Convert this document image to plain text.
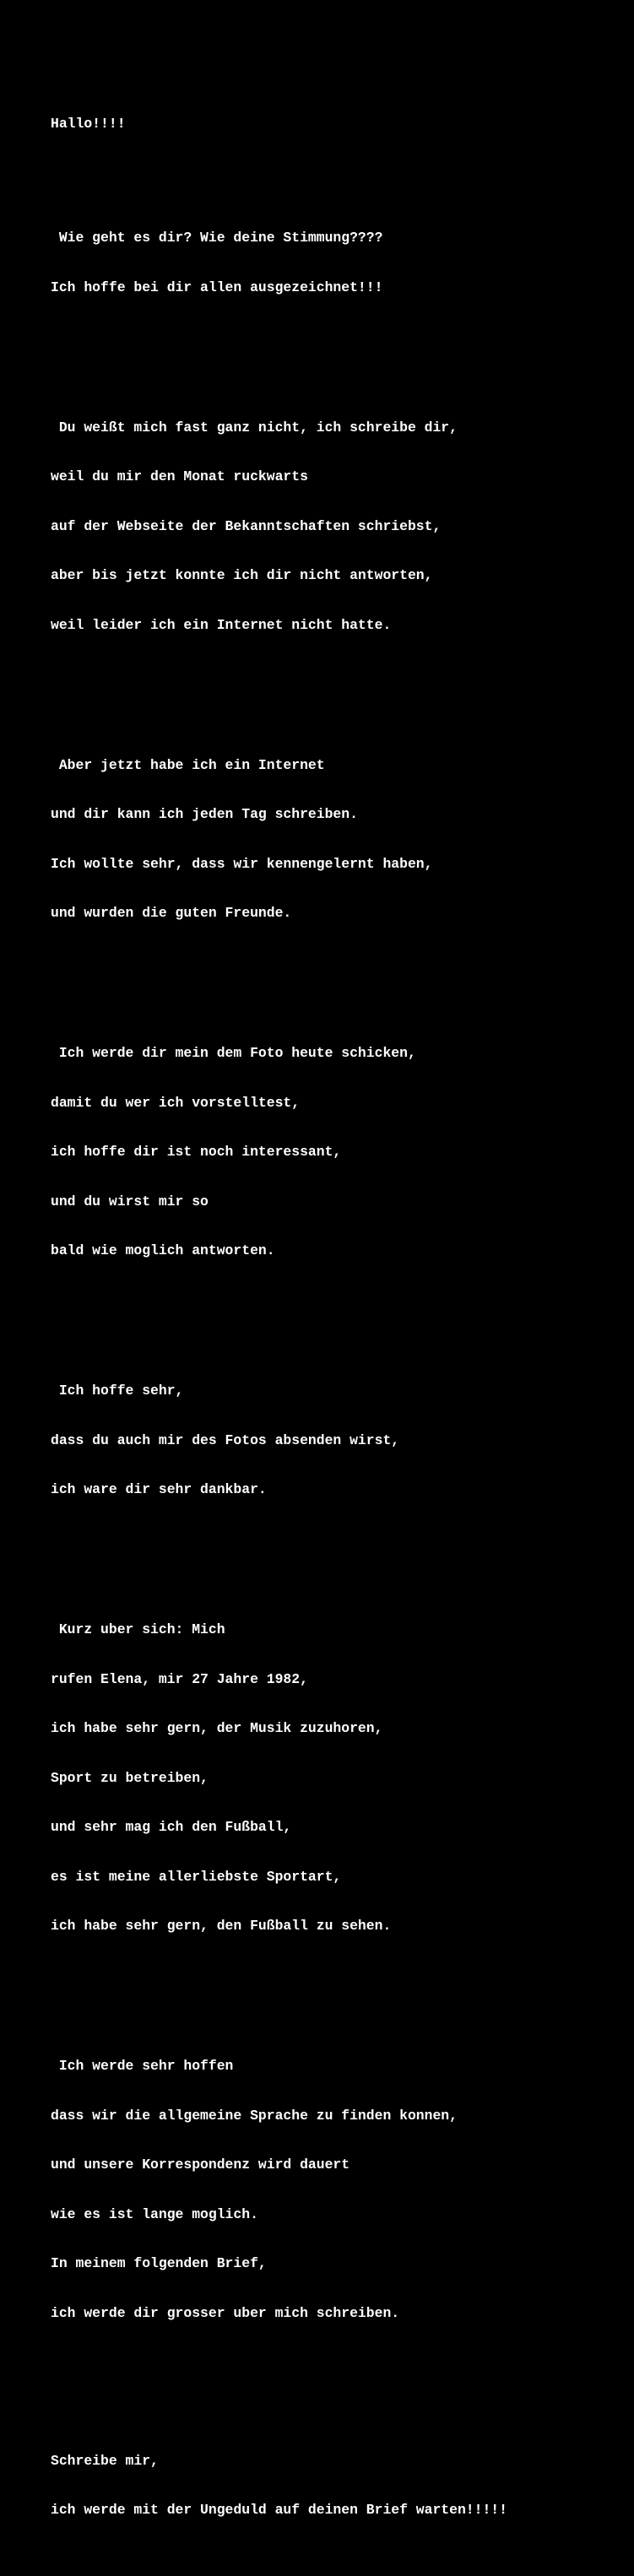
Hallo!!!!

Wie geht es dir? Wie deine Stimmung????

Ich hoffe bei dir allen ausgezeichnet!!!

Du weißt mich fast ganz nicht, ich schreibe dir,

weil du mir den Monat ruckwarts

auf der Webseite der Bekanntschaften schriebst,

aber bis jetzt konnte ich dir nicht antworten,

weil leider ich ein Internet nicht hatte.

Aber jetzt habe ich ein Internet

und dir kann ich jeden Tag schreiben.

Ich wollte sehr, dass wir kennengelernt haben,

und wurden die guten Freunde.

Ich werde dir mein dem Foto heute schicken,

damit du wer ich vorstelltest,

ich hoffe dir ist noch interessant,

und du wirst mir so

bald wie moglich antworten.

Ich hoffe sehr,

dass du auch mir des Fotos absenden wirst,

ich ware dir sehr dankbar.

Kurz uber sich: Mich

rufen Elena, mir 27 Jahre 1982,

ich habe sehr gern, der Musik zuzuhoren,

Sport zu betreiben,

und sehr mag ich den Fußball,

es ist meine allerliebste Sportart,

ich habe sehr gern, den Fußball zu sehen.

Ich werde sehr hoffen

dass wir die allgemeine Sprache zu finden konnen,

und unsere Korrespondenz wird dauert

wie es ist lange moglich.

In meinem folgenden Brief,

ich werde dir grosser uber mich schreiben.

Schreibe mir,

ich werde mit der Ungeduld auf deinen Brief warten!!!!!
